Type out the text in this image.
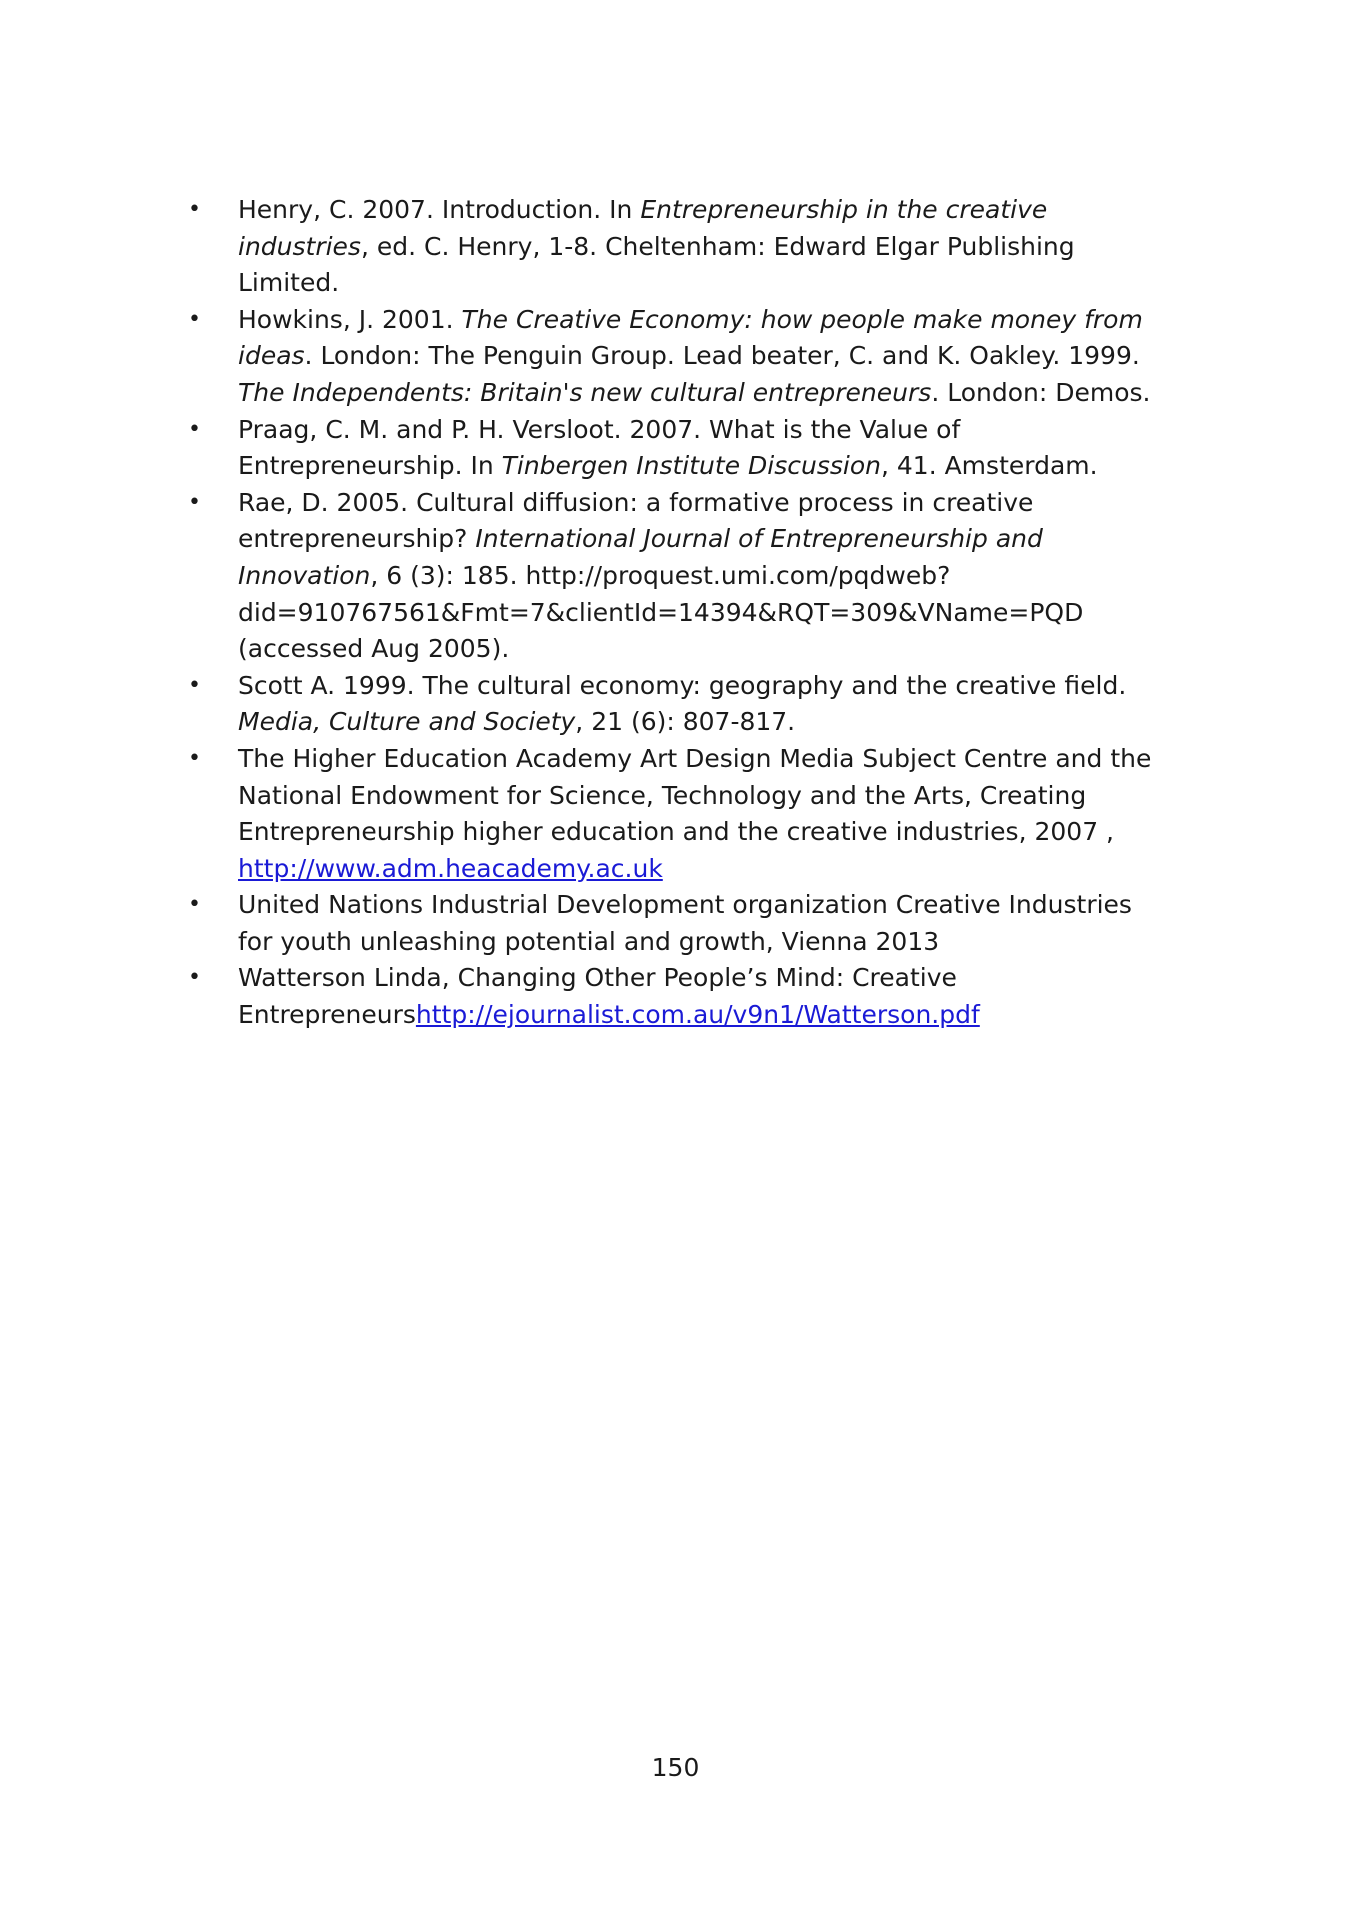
• Henry, C. 2007. Introduction. In Entrepreneurship in the creative industries, ed. C. Henry, 1-8. Cheltenham: Edward Elgar Publishing Limited.
• Howkins, J. 2001. The Creative Economy: how people make money from ideas. London: The Penguin Group. Lead beater, C. and K. Oakley. 1999. The Independents: Britain's new cultural entrepreneurs. London: Demos.
• Praag, C. M. and P. H. Versloot. 2007. What is the Value of Entrepreneurship. In Tinbergen Institute Discussion, 41. Amsterdam.
• Rae, D. 2005. Cultural diffusion: a formative process in creative entrepreneurship? International Journal of Entrepreneurship and Innovation, 6 (3): 185. http://proquest.umi.com/pqdweb?did=910767561&Fmt=7&clientId=14394&RQT=309&VName=PQD (accessed Aug 2005).
• Scott A. 1999. The cultural economy: geography and the creative field. Media, Culture and Society, 21 (6): 807-817.
• The Higher Education Academy Art Design Media Subject Centre and the National Endowment for Science, Technology and the Arts, Creating Entrepreneurship higher education and the creative industries, 2007 , http://www.adm.heacademy.ac.uk
• United Nations Industrial Development organization Creative Industries for youth unleashing potential and growth, Vienna 2013
• Watterson Linda, Changing Other People’s Mind: Creative Entrepreneurshttp://ejournalist.com.au/v9n1/Watterson.pdf
150
